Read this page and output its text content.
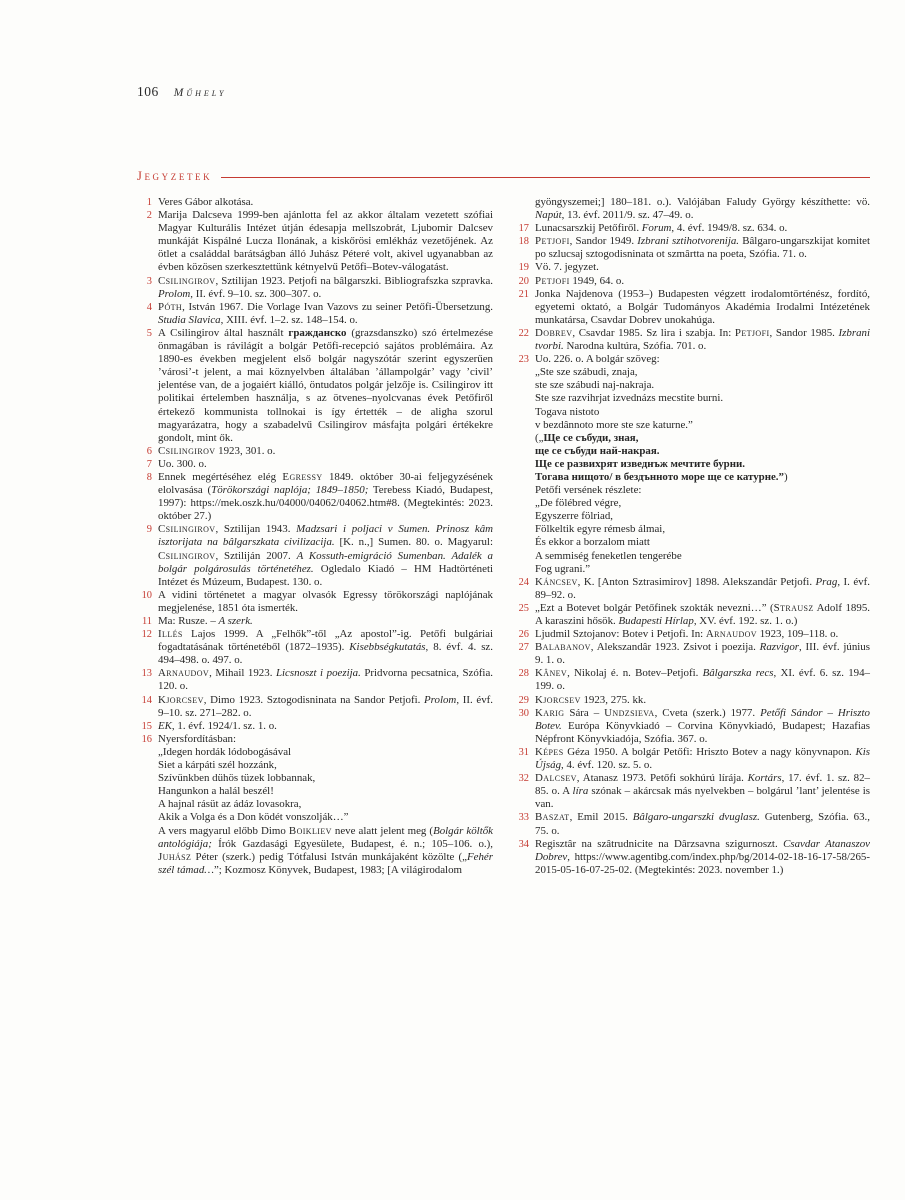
106 Műhely
Jegyzetek
1 Veres Gábor alkotása.
2 Marija Dalcseva 1999-ben ajánlotta fel az akkor általam vezetett szófiai Magyar Kulturális Intézet útján édesapja mellszobrát, Ljubomir Dalcsev munkáját Kispálné Lucza Ilonának, a kiskőrösi emlékház vezetőjének. Az ötlet a családdal barátságban álló Juhász Péteré volt, akivel ugyanabban az évben közösen szerkesztettünk kétnyelvű Petőfi–Botev-válogatást.
3 Csilingirov, Sztilijan 1923. Petjofi na bâlgarszki. Bibliografszka szpravka. Prolom, II. évf. 9–10. sz. 300–307. o.
4 Póth, István 1967. Die Vorlage Ivan Vazovs zu seiner Petőfi-Übersetzung. Studia Slavica, XIII. évf. 1–2. sz. 148–154. o.
5 A Csilingirov által használt гражданско (grazsdanszko) szó értelmezése önmagában is rávilágít a bolgár Petőfi-recepció sajátos problémáira. Az 1890-es években megjelent első bolgár nagyszótár szerint egyszerűen ’városi’-t jelent, a mai köznyelvben általában ’állampolgár’ vagy ’civil’ jelentése van, de a jogaiért kiálló, öntudatos polgár jelzője is. Csilingirov itt politikai értelemben használja, s az ötvenes–nyolcvanas évek Petőfiről értekező kommunista tollnokai is így értették – de aligha szorul magyarázatra, hogy a szabadelvű Csilingirov másfajta polgári értékekre gondolt, mint ők.
6 Csilingirov 1923, 301. o.
7 Uo. 300. o.
8 Ennek megértéséhez elég Egressy 1849. október 30-ai feljegyzésének elolvasása (Törökországi naplója; 1849–1850; Terebess Kiadó, Budapest, 1997): https://mek.oszk.hu/04000/04062/04062.htm#8. (Megtekintés: 2023. október 27.)
9 Csilingirov, Sztilijan 1943. Madzsari i poljaci v Sumen. Prinosz kâm isztorijata na bâlgarszkata civilizacija. [K. n.,] Sumen. 80. o. Magyarul: Csilingirov, Sztiliján 2007. A Kossuth-emigráció Sumenban. Adalék a bolgár polgárosulás történetéhez. Ogledalo Kiadó – HM Hadtörténeti Intézet és Múzeum, Budapest. 130. o.
10 A vidini történetet a magyar olvasók Egressy törökországi naplójának megjelenése, 1851 óta ismerték.
11 Ma: Rusze. – A szerk.
12 Illés Lajos 1999. A „Felhők”-től „Az apostol”-ig. Petőfi bulgáriai fogadtatásának történetéből (1872–1935). Kisebbségkutatás, 8. évf. 4. sz. 494–498. o. 497. o.
13 Arnaudov, Mihail 1923. Licsnoszt i poezija. Pridvorna pecsatnica, Szófia. 120. o.
14 Kjorcsev, Dimo 1923. Sztogodisninata na Sandor Petjofi. Prolom, II. évf. 9–10. sz. 271–282. o.
15 EK, 1. évf. 1924/1. sz. 1. o.
16 Nyersfordításban:
„Idegen hordák lódobogásával
Siet a kárpáti szél hozzánk,
Szívünkben dühös tüzek lobbannak,
Hangunkon a halál beszél!
A hajnal rásüt az ádáz lovasokra,
Akik a Volga és a Don ködét vonszolják…”
A vers magyarul előbb Dimo Boikliev neve alatt jelent meg (Bolgár költők antológiája; Írók Gazdasági Egyesülete, Budapest, é. n.; 105–106. o.), Juhász Péter (szerk.) pedig Tótfalusi István munkájaként közölte („Fehér szél támad…”; Kozmosz Könyvek, Budapest, 1983; [A világirodalom
gyöngyszemei;] 180–181. o.). Valójában Faludy György készíthette: vö. Napút, 13. évf. 2011/9. sz. 47–49. o.
17 Lunacsarszkij Petőfiről. Forum, 4. évf. 1949/8. sz. 634. o.
18 Petjofi, Sandor 1949. Izbrani sztihotvorenija. Bâlgaro-ungarszkijat komitet po szlucsaj sztogodisninata ot szmârtta na poeta, Szófia. 71. o.
19 Vö. 7. jegyzet.
20 Petjofi 1949, 64. o.
21 Jonka Najdenova (1953–) Budapesten végzett irodalomtörténész, fordító, egyetemi oktató, a Bolgár Tudományos Akadémia Irodalmi Intézetének munkatársa, Csavdar Dobrev unokahúga.
22 Dobrev, Csavdar 1985. Sz lira i szabja. In: Petjofi, Sandor 1985. Izbrani tvorbi. Narodna kultúra, Szófia. 701. o.
23 Uo. 226. o. A bolgár szöveg:
„Ste sze szábudi, znaja,
ste sze szábudi naj-nakraja.
Ste sze razvihrjat izvednázs mecstite burni.
Togava nistoto
v bezdânnoto more ste sze katurne.”
(„Ще се събуди, зная,
ще се събуди най-накрая.
Ще се развихрят изведнъж мечтите бурни.
Тогава нищото/ в бездънното море ще се катурне.”)
Petőfi versének részlete:
„De fölébred végre,
Egyszerre fölriad,
Fölkeltik egyre rémesb álmai,
És ekkor a borzalom miatt
A semmiség feneketlen tengerébe
Fog ugrani.”
24 Káncsev, K. [Anton Sztrasimirov] 1898. Alekszandâr Petjofi. Prag, I. évf. 89–92. o.
25 „Ezt a Botevet bolgár Petőfinek szokták nevezni…” (Strausz Adolf 1895. A karaszini hősök. Budapesti Hírlap, XV. évf. 192. sz. 1. o.)
26 Ljudmil Sztojanov: Botev i Petjofi. In: Arnaudov 1923, 109–118. o.
27 Balabanov, Alekszandâr 1923. Zsivot i poezija. Razvigor, III. évf. június 9. 1. o.
28 Kânev, Nikolaj é. n. Botev–Petjofi. Bâlgarszka recs, XI. évf. 6. sz. 194–199. o.
29 Kjorcsev 1923, 275. kk.
30 Karig Sára – Undzsieva, Cveta (szerk.) 1977. Petőfi Sándor – Hriszto Botev. Európa Könyvkiadó – Corvina Könyvkiadó, Budapest; Hazafias Népfront Könyvkiadója, Szófia. 367. o.
31 Képes Géza 1950. A bolgár Petőfi: Hriszto Botev a nagy könyvnapon. Kis Újság, 4. évf. 120. sz. 5. o.
32 Dalcsev, Atanasz 1973. Petőfi sokhúrú lírája. Kortárs, 17. évf. 1. sz. 82–85. o. A líra szónak – akárcsak más nyelvekben – bolgárul ’lant’ jelentése is van.
33 Baszat, Emil 2015. Bâlgaro-ungarszki dvuglasz. Gutenberg, Szófia. 63., 75. o.
34 Regisztâr na szâtrudnicite na Dârzsavna szigurnoszt. Csavdar Atanaszov Dobrev, https://www.agentibg.com/index.php/bg/2014-02-18-16-17-58/265-2015-05-16-07-25-02. (Megtekintés: 2023. november 1.)
